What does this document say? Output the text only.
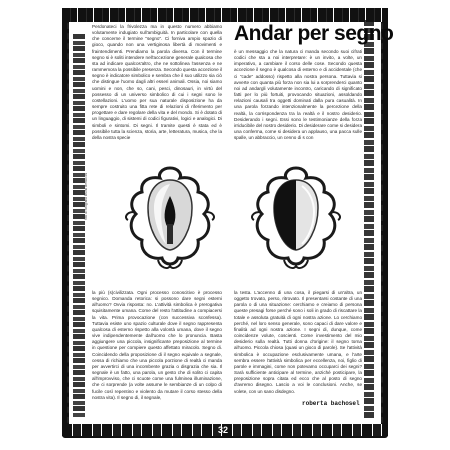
Perdonateci la frivolezza ma in questo numero abbiamo volutamente indugiato sull'ambiguità. In particolare con quella che concerne il termine "segno". Ci forniva ampio spazio di gioco, quando non una vertiginosa libertà di movimenti e fraintendimenti. Prendiamo la parola diversa. Con il termine segno si è soliti intendere nell'accezione generale qualcosa che sta ad indicare qualcos'altro, che ne sottolinea l'assenza e ne rammemora la possibile presenza. Secondo questa accezione il segno è indicatore simbolico e sembra che il suo utilizzo sia ciò che distingue l'uomo dagli altri esseri animali. Ossia, noi siamo uomini e non, che so, cani, pesci, dinosauri, in virtù del possesso di un universo simbolico di cui i segni sono le costellazioni. L'uomo per sua naturale disposizione ha da sempre costruito una fitta rete di relazioni di riferimento per progettare e dare regolare della vita e del mondo. Si è dotato di un linguaggio, di sistemi di codici figurativi, logici e analogici. Di simboli e sintomi. Di segni. Il tramite questi è stata ed è possibile tutta la scienza, storia, arte, letteratura, musica, che la della nostra specie

Andar per segno

è un messaggio che la natura ci manda secondo suoi cifrati codici che sta a noi interpretare: è un invito, a volte, un imperativo, a cambiare il corso delle cose. Secondo questa accezione il segno è qualcosa di esterno e di accidentale (che ci "cade" addosso) rispetto alla nostra persona. Tuttavia si avverte con quanta più forza non sia lui a sorprenderci quanto noi ad andargli volutamente incontro, caricando di significato fatti per lo più fortuiti, provocando situazioni, assoldando relazioni causali tra oggetti dominati dalla pura casualità. In una parola forzando intenzionalmente la percezione della realtà, la corrispondenza tra la realtà e il nostro desiderio. Desiderando i segni. Essi sono le testimonianze della forza irriducibile del nostro desiderio. Di desiderare come si desidera una conferma, come si desidera un applauso, una pacca sulle spalle, un abbraccio, un cenno di s con

foto di fotografia Bruno Bertaccini

la più (s)civilizzata. Ogni processo conoscitivo è processo segnico. Domanda retorica: si possono dare segni esterni all'uomo? Ovvia risposta: no. L'attività simbolica è prerogativa squisitamente umana. Come del resto l'attitudine a compiacersi la vita. Prima provocazione (con successiva sconfessa). Tuttavia esiste uno spazio culturale dove il segno rappresenta qualcosa di esterno rispetto alla volontà umana, dove il segno vive indipendentemente dall'uomo che lo pronuncia. Basta aggiungere una piccola, insignificante preposizione al termine in questione per compiere questo affettato miracolo. Segno di. Coincidendo della proposizione di il segno equivale a segnale, cessa di richiamo che una piccola porzione di realtà ci manda per avvertirci di una incombente grazia o disgrazia che sia. Il segnale è un fatto, una parola, un gesto che di solito ci capita all'improvviso, che ci scuote come una fulminea illuminazione, che ci sorprende (a volte assume le sembianze di un colpo di fucile così repentino e violento da mutare il corso stesso della nostra vita). Il segno di, il segnale,

la testa. L'accenno di una cosa, il piegarsi di un'altra, un oggetto trovato, perso, ritrovato. Il presentarsi costante di una parola o di una situazione: cerchiamo e creiamo di persona queste presagi forse perché sono i soli in grado di riscattare la totale e assoluta gratuità di ogni nostra azione. Lo cerchiamo perché, nel loro senso generale, sono capaci di dare valore e finalità ad ogni nostra azione. I segni di, dunque, come coincidenze volute, coscienti. Come investimento del mio desiderio sulla realtà. Tutti donna d'origine: il segno torna all'uomo. Piccola chiosa (quasi un gioco di parole). Se l'attività simbolica è occupazione esclusivamente umana, e l'arte sembra essere l'attività simbolica per eccellenza, noi, figlio di parole e immagini, come non potevamo occuparci dei segni? Sarà sufficiente anticipare al termine, anziché posticipare, la preposizione sopra citata ed ecco che al posto di segno d'avremo disegno. Lascio a voi le conclusioni. Anche, se volete, con un sano disdegno.

roberta bachosel
32
